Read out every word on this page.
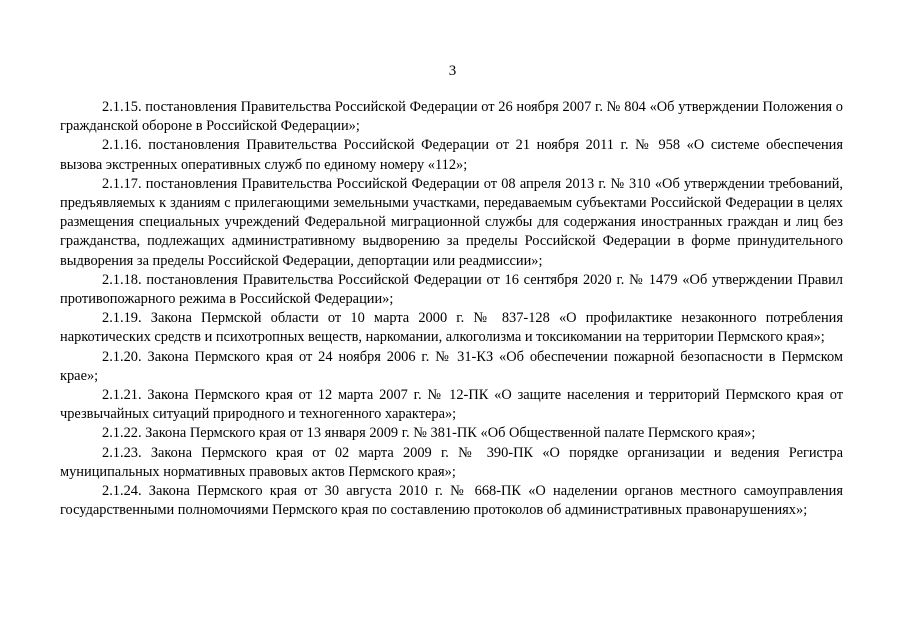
3

2.1.15. постановления Правительства Российской Федерации от 26 ноября 2007 г. № 804 «Об утверждении Положения о гражданской обороне в Российской Федерации»;

2.1.16. постановления Правительства Российской Федерации от 21 ноября 2011 г. № 958 «О системе обеспечения вызова экстренных оперативных служб по единому номеру «112»;

2.1.17. постановления Правительства Российской Федерации от 08 апреля 2013 г. № 310 «Об утверждении требований, предъявляемых к зданиям с прилегающими земельными участками, передаваемым субъектами Российской Федерации в целях размещения специальных учреждений Федеральной миграционной службы для содержания иностранных граждан и лиц без гражданства, подлежащих административному выдворению за пределы Российской Федерации в форме принудительного выдворения за пределы Российской Федерации, депортации или реадмиссии»;

2.1.18. постановления Правительства Российской Федерации от 16 сентября 2020 г. № 1479 «Об утверждении Правил противопожарного режима в Российской Федерации»;

2.1.19. Закона Пермской области от 10 марта 2000 г. № 837-128 «О профилактике незаконного потребления наркотических средств и психотропных веществ, наркомании, алкоголизма и токсикомании на территории Пермского края»;

2.1.20. Закона Пермского края от 24 ноября 2006 г. № 31-КЗ «Об обеспечении пожарной безопасности в Пермском крае»;

2.1.21. Закона Пермского края от 12 марта 2007 г. № 12-ПК «О защите населения и территорий Пермского края от чрезвычайных ситуаций природного и техногенного характера»;

2.1.22. Закона Пермского края от 13 января 2009 г. № 381-ПК «Об Общественной палате Пермского края»;

2.1.23. Закона Пермского края от 02 марта 2009 г. № 390-ПК «О порядке организации и ведения Регистра муниципальных нормативных правовых актов Пермского края»;

2.1.24. Закона Пермского края от 30 августа 2010 г. № 668-ПК «О наделении органов местного самоуправления государственными полномочиями Пермского края по составлению протоколов об административных правонарушениях»;
